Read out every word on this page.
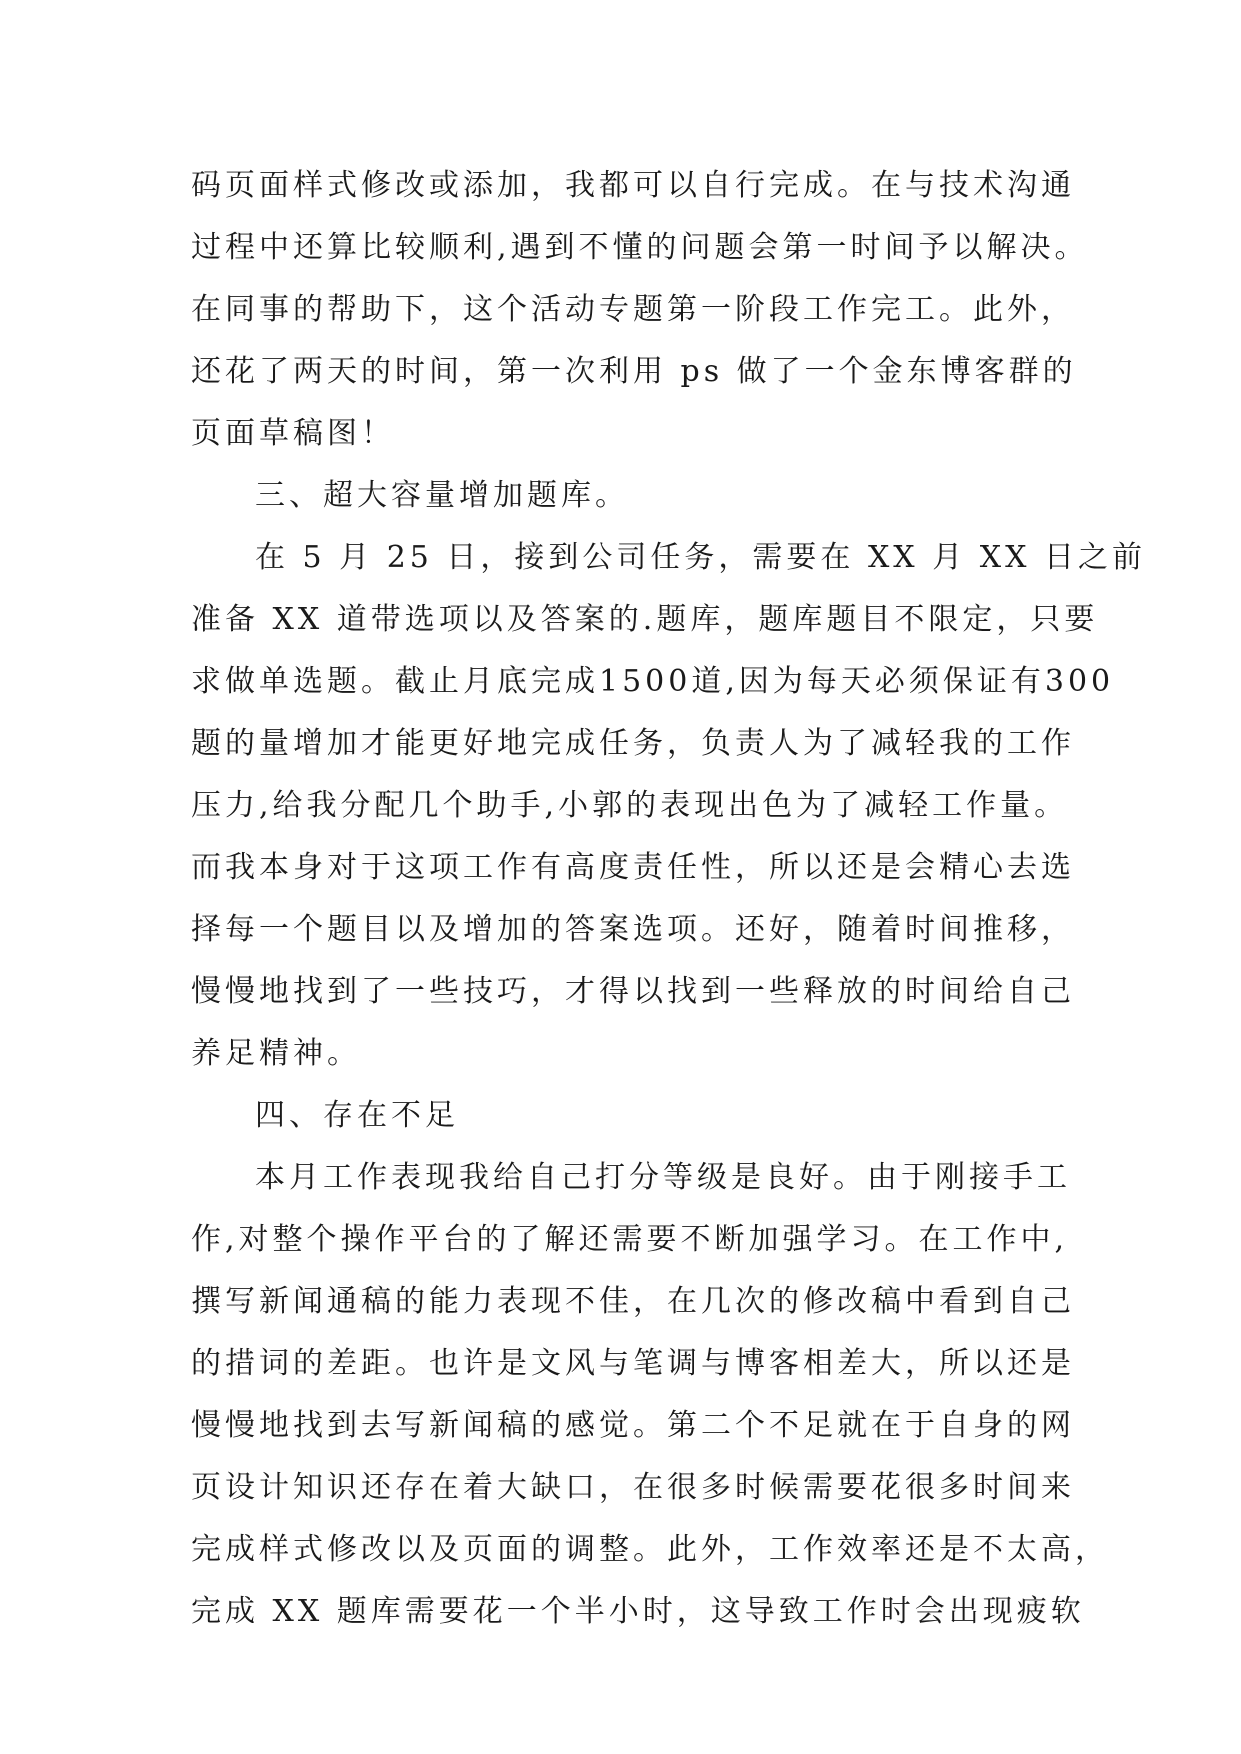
码页面样式修改或添加，我都可以自行完成。在与技术沟通
过程中还算比较顺利,遇到不懂的问题会第一时间予以解决。
在同事的帮助下，这个活动专题第一阶段工作完工。此外，
还花了两天的时间，第一次利用 ps 做了一个金东博客群的
页面草稿图！
三、超大容量增加题库。
在 5 月 25 日，接到公司任务，需要在 XX 月 XX 日之前
准备 XX 道带选项以及答案的.题库，题库题目不限定，只要
求做单选题。截止月底完成1500道,因为每天必须保证有300
题的量增加才能更好地完成任务，负责人为了减轻我的工作
压力,给我分配几个助手,小郭的表现出色为了减轻工作量。
而我本身对于这项工作有高度责任性，所以还是会精心去选
择每一个题目以及增加的答案选项。还好，随着时间推移，
慢慢地找到了一些技巧，才得以找到一些释放的时间给自己
养足精神。
四、存在不足
本月工作表现我给自己打分等级是良好。由于刚接手工
作,对整个操作平台的了解还需要不断加强学习。在工作中,
撰写新闻通稿的能力表现不佳，在几次的修改稿中看到自己
的措词的差距。也许是文风与笔调与博客相差大，所以还是
慢慢地找到去写新闻稿的感觉。第二个不足就在于自身的网
页设计知识还存在着大缺口，在很多时候需要花很多时间来
完成样式修改以及页面的调整。此外，工作效率还是不太高，
完成 XX 题库需要花一个半小时，这导致工作时会出现疲软
